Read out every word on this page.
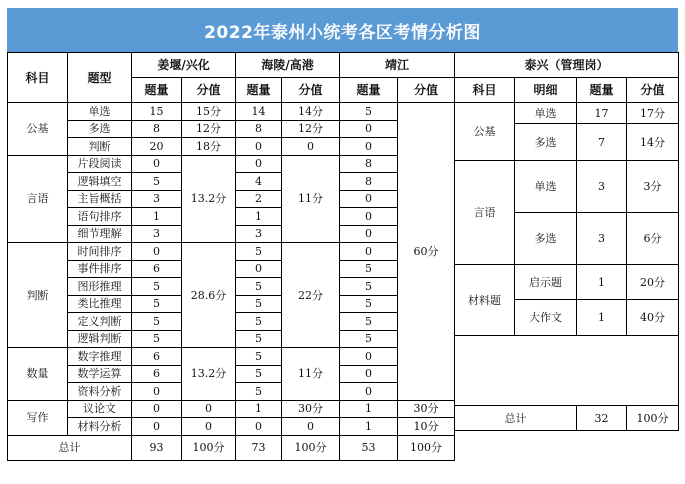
2022年泰州小统考各区考情分析图
科目	题型	姜堰/兴化		海陵/高港		靖江	
		题量	分值	题量	分值	题量	分值
公基	单选	15	15分	14	14分	5	60分
	多选	8	12分	8	12分	0	
	判断	20	18分	0	0	0	
言语	片段阅读	0	13.2分	0	11分	8	
	逻辑填空	5		4		8	
	主旨概括	3		2		0	
	语句排序	1		1		0	
	细节理解	3		3		0	
判断	时间排序	0	28.6分	5	22分	0	
	事件排序	6		0		5	
	图形推理	5		5		5	
	类比推理	5		5		5	
	定义判断	5		5		5	
	逻辑判断	5		5		5	
数量	数字推理	6	13.2分	5	11分	0	
	数学运算	6		5		0	
	资料分析	0		5		0	
写作	议论文	0	0	1	30分	1	30分
	材料分析	0	0	0	0	1	10分
总计		93	100分	73	100分	53	100分
泰兴（管理岗）			
科目	明细	题量	分值
公基	单选	17	17分
	多选	7	14分
言语	单选	3	3分
	多选	3	6分
材料题	启示题	1	20分
	大作文	1	40分

总计		32	100分
